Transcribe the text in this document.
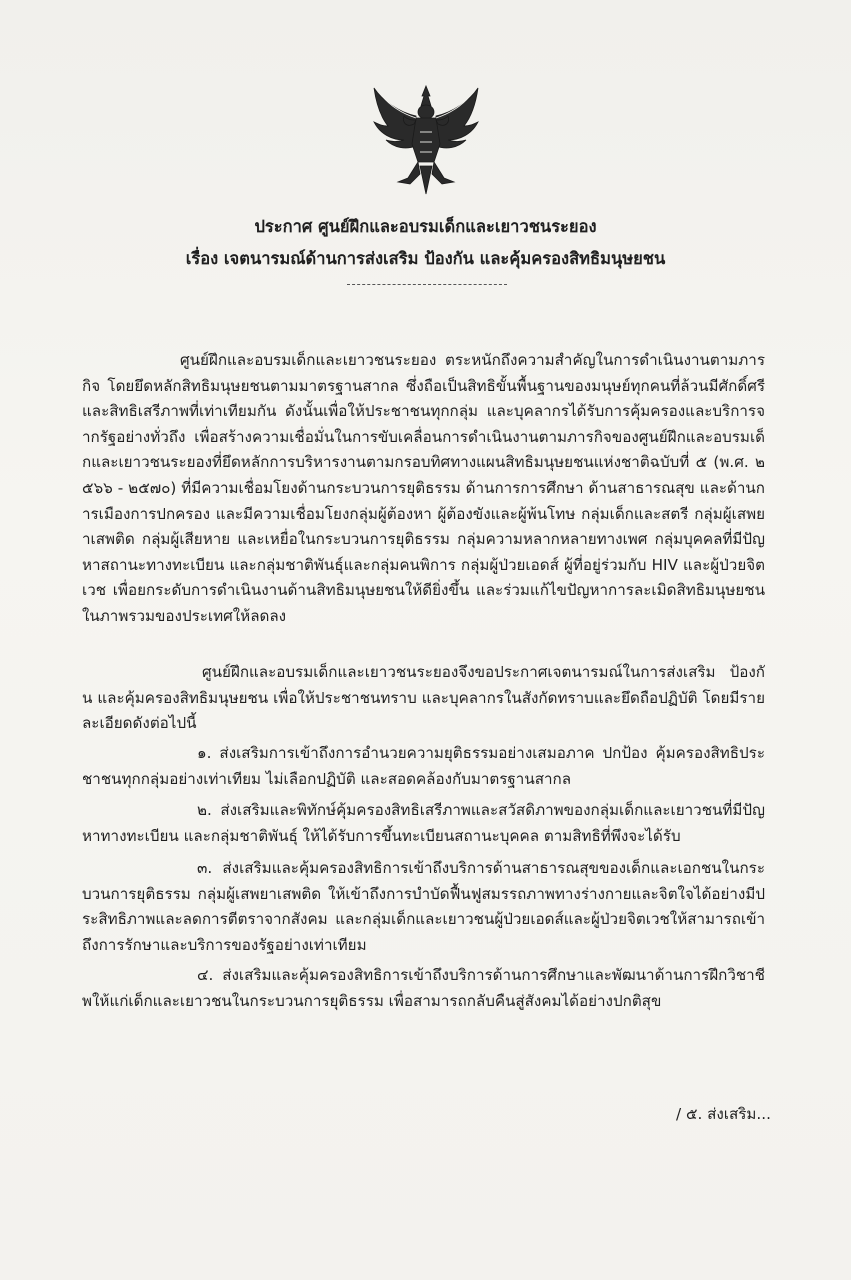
ประกาศ ศูนย์ฝึกและอบรมเด็กและเยาวชนระยอง
เรื่อง เจตนารมณ์ด้านการส่งเสริม ป้องกัน และคุ้มครองสิทธิมนุษยชน

ศูนย์ฝึกและอบรมเด็กและเยาวชนระยอง ตระหนักถึงความสำคัญในการดำเนินงานตามภารกิจ โดยยึดหลักสิทธิมนุษยชนตามมาตรฐานสากล ซึ่งถือเป็นสิทธิขั้นพื้นฐานของมนุษย์ทุกคนที่ล้วนมีศักดิ์ศรีและสิทธิเสรีภาพที่เท่าเทียมกัน ดังนั้นเพื่อให้ประชาชนทุกกลุ่ม และบุคลากรได้รับการคุ้มครองและบริการจากรัฐอย่างทั่วถึง เพื่อสร้างความเชื่อมั่นในการขับเคลื่อนการดำเนินงานตามภารกิจของศูนย์ฝึกและอบรมเด็กและเยาวชนระยองที่ยึดหลักการบริหารงานตามกรอบทิศทางแผนสิทธิมนุษยชนแห่งชาติฉบับที่ ๕ (พ.ศ. ๒๕๖๖ - ๒๕๗๐) ที่มีความเชื่อมโยงด้านกระบวนการยุติธรรม ด้านการการศึกษา ด้านสาธารณสุข และด้านการเมืองการปกครอง และมีความเชื่อมโยงกลุ่มผู้ต้องหา ผู้ต้องขังและผู้พ้นโทษ กลุ่มเด็กและสตรี กลุ่มผู้เสพยาเสพติด กลุ่มผู้เสียหาย และเหยื่อในกระบวนการยุติธรรม กลุ่มความหลากหลายทางเพศ กลุ่มบุคคลที่มีปัญหาสถานะทางทะเบียน และกลุ่มชาติพันธุ์และกลุ่มคนพิการ กลุ่มผู้ป่วยเอดส์ ผู้ที่อยู่ร่วมกับ HIV และผู้ป่วยจิตเวช เพื่อยกระดับการดำเนินงานด้านสิทธิมนุษยชนให้ดียิ่งขึ้น และร่วมแก้ไขปัญหาการละเมิดสิทธิมนุษยชนในภาพรวมของประเทศให้ลดลง

ศูนย์ฝึกและอบรมเด็กและเยาวชนระยองจึงขอประกาศเจตนารมณ์ในการส่งเสริม ป้องกัน และคุ้มครองสิทธิมนุษยชน เพื่อให้ประชาชนทราบ และบุคลากรในสังกัดทราบและยึดถือปฏิบัติ โดยมีรายละเอียดดังต่อไปนี้

๑. ส่งเสริมการเข้าถึงการอำนวยความยุติธรรมอย่างเสมอภาค ปกป้อง คุ้มครองสิทธิประชาชนทุกกลุ่มอย่างเท่าเทียม ไม่เลือกปฏิบัติ และสอดคล้องกับมาตรฐานสากล

๒. ส่งเสริมและพิทักษ์คุ้มครองสิทธิเสรีภาพและสวัสดิภาพของกลุ่มเด็กและเยาวชนที่มีปัญหาทางทะเบียน และกลุ่มชาติพันธุ์ ให้ได้รับการขึ้นทะเบียนสถานะบุคคล ตามสิทธิที่พึงจะได้รับ

๓. ส่งเสริมและคุ้มครองสิทธิการเข้าถึงบริการด้านสาธารณสุขของเด็กและเอกชนในกระบวนการยุติธรรม กลุ่มผู้เสพยาเสพติด ให้เข้าถึงการบำบัดฟื้นฟูสมรรถภาพทางร่างกายและจิตใจได้อย่างมีประสิทธิภาพและลดการตีตราจากสังคม และกลุ่มเด็กและเยาวชนผู้ป่วยเอดส์และผู้ป่วยจิตเวชให้สามารถเข้าถึงการรักษาและบริการของรัฐอย่างเท่าเทียม

๔. ส่งเสริมและคุ้มครองสิทธิการเข้าถึงบริการด้านการศึกษาและพัฒนาด้านการฝึกวิชาชีพให้แก่เด็กและเยาวชนในกระบวนการยุติธรรม เพื่อสามารถกลับคืนสู่สังคมได้อย่างปกติสุข

/ ๕. ส่งเสริม...
